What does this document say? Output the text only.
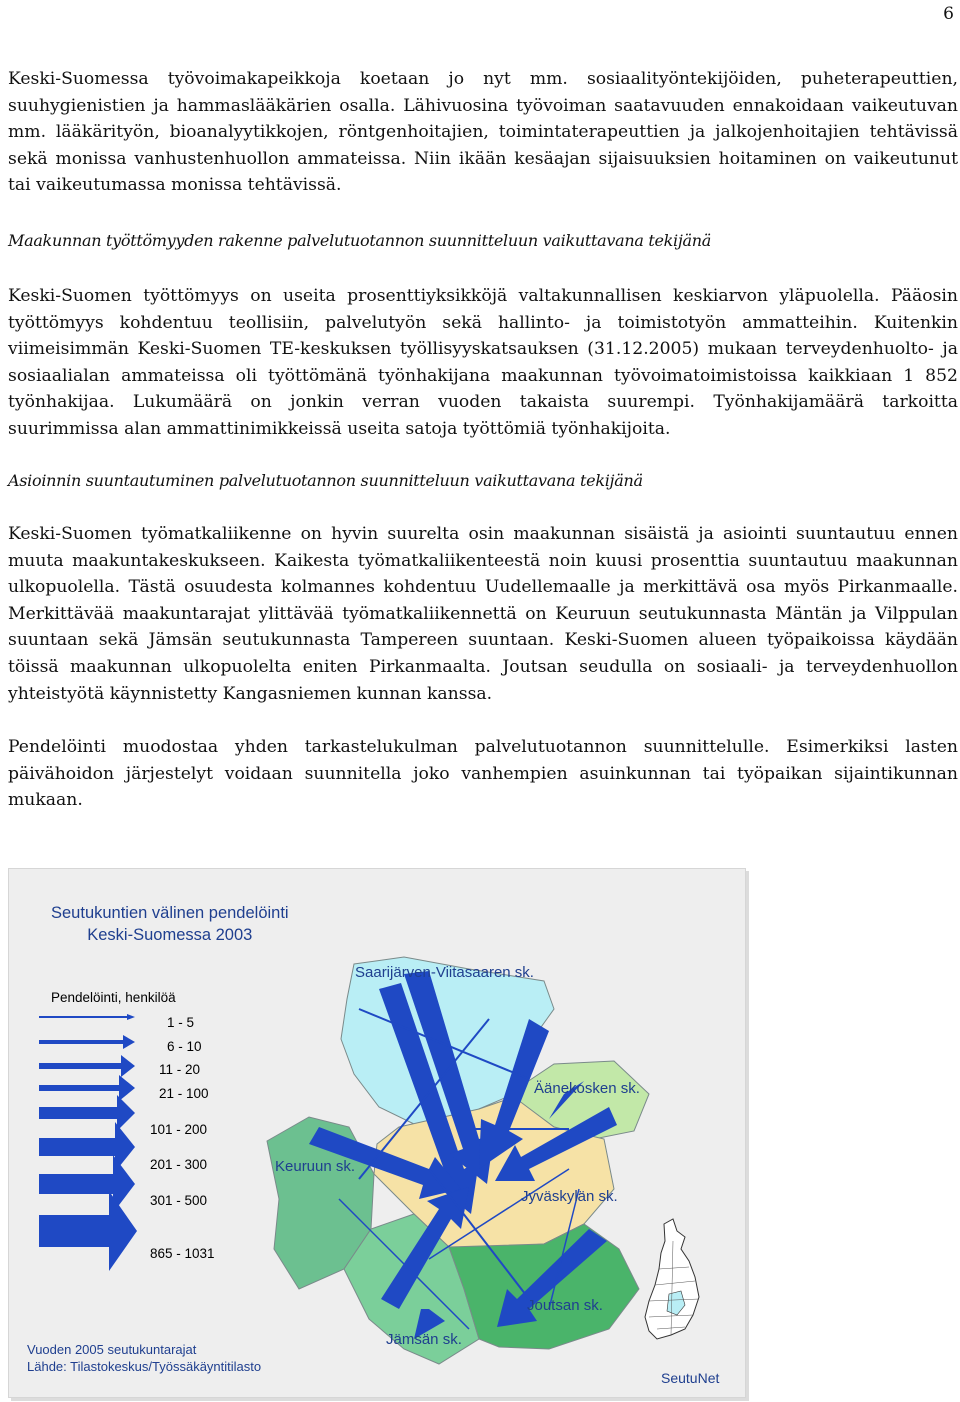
6

Keski-Suomessa työvoimakapeikkoja koetaan jo nyt mm. sosiaalityöntekijöiden, puheterapeuttien, suuhygienistien ja hammaslääkärien osalla. Lähivuosina työvoiman saatavuuden ennakoidaan vaikeutuvan mm. lääkärityön, bioanalyytikkojen, röntgenhoitajien, toimintaterapeuttien ja jalkojenhoitajien tehtävissä sekä monissa vanhustenhuollon ammateissa. Niin ikään kesäajan sijaisuuksien hoitaminen on vaikeutunut tai vaikeutumassa monissa tehtävissä.

Maakunnan työttömyyden rakenne palvelutuotannon suunnitteluun vaikuttavana tekijänä

Keski-Suomen työttömyys on useita prosenttiyksikköjä valtakunnallisen keskiarvon yläpuolella. Pääosin työttömyys kohdentuu teollisiin, palvelutyön sekä hallinto- ja toimistotyön ammatteihin. Kuitenkin viimeisimmän Keski-Suomen TE-keskuksen työllisyyskatsauksen (31.12.2005) mukaan terveydenhuolto- ja sosiaalialan ammateissa oli työttömänä työnhakijana maakunnan työvoimatoimistoissa kaikkiaan 1 852 työnhakijaa. Lukumäärä on jonkin verran vuoden takaista suurempi. Työnhakijamäärä tarkoitta suurimmissa alan ammattinimikkeissä useita satoja työttömiä työnhakijoita.

Asioinnin suuntautuminen palvelutuotannon suunnitteluun vaikuttavana tekijänä

Keski-Suomen työmatkaliikenne on hyvin suurelta osin maakunnan sisäistä ja asiointi suuntautuu ennen muuta maakuntakeskukseen. Kaikesta työmatkaliikenteestä noin kuusi prosenttia suuntautuu maakunnan ulkopuolella. Tästä osuudesta kolmannes kohdentuu Uudellemaalle ja merkittävä osa myös Pirkanmaalle. Merkittävää maakuntarajat ylittävää työmatkaliikennettä on Keuruun seutukunnasta Mäntän ja Vilppulan suuntaan sekä Jämsän seutukunnasta Tampereen suuntaan. Keski-Suomen alueen työpaikoissa käydään töissä maakunnan ulkopuolelta eniten Pirkanmaalta. Joutsan seudulla on sosiaali- ja terveydenhuollon yhteistyötä käynnistetty Kangasniemen kunnan kanssa.

Pendelöinti muodostaa yhden tarkastelukulman palvelutuotannon suunnittelulle. Esimerkiksi lasten päivähoidon järjestelyt voidaan suunnitella joko vanhempien asuinkunnan tai työpaikan sijaintikunnan mukaan.

Seutukuntien välinen pendelöinti
Keski-Suomessa 2003
Pendelöinti, henkilöä
1 - 5
6 - 10
11 - 20
21 - 100
101 - 200
201 - 300
301 - 500
865 - 1031
Saarijärven-Viitasaaren sk.
Äänekosken sk.
Keuruun sk.
Jyväskylän sk.
Joutsan sk.
Jämsän sk.
Vuoden 2005 seutukuntarajat
Lähde: Tilastokeskus/Työssäkäyntitilasto
SeutuNet
